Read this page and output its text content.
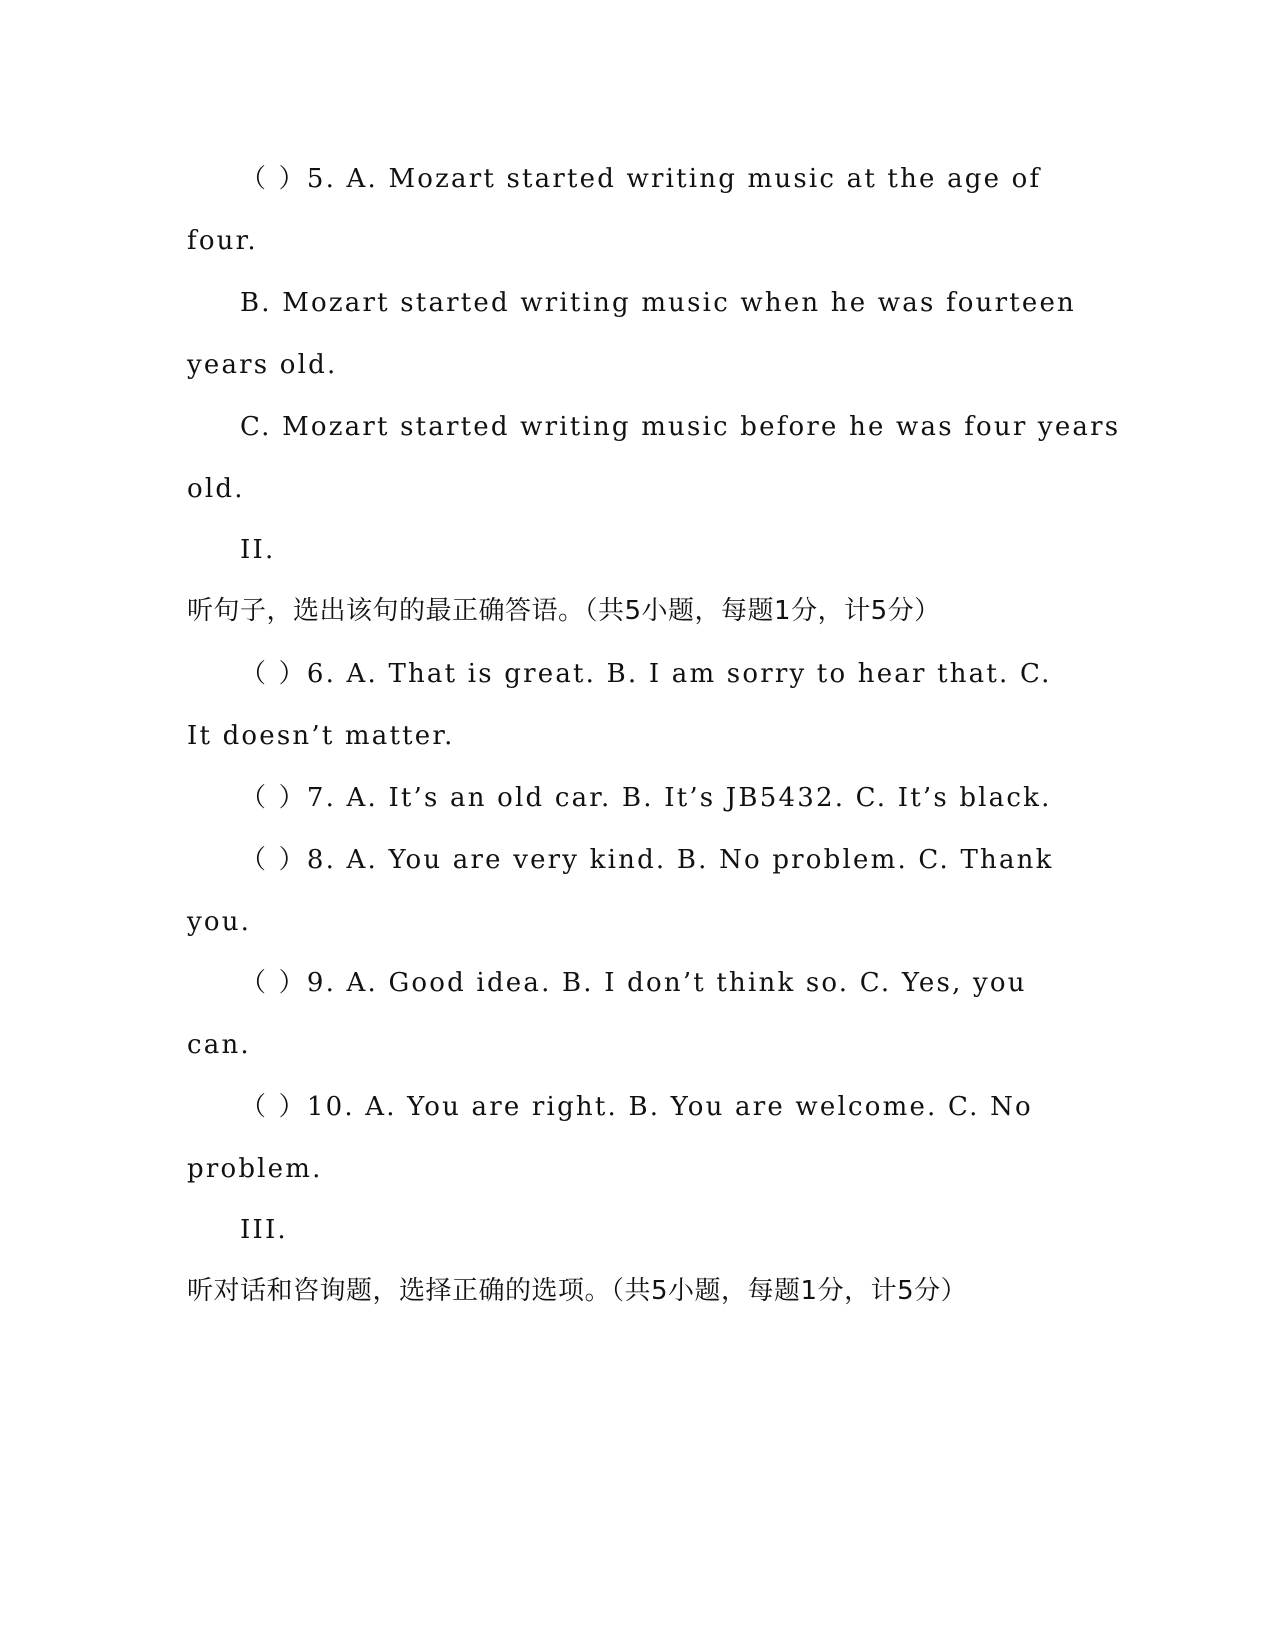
（ ）5. A. Mozart started writing music at the age of
four.
B. Mozart started writing music when he was fourteen
years old.
C. Mozart started writing music before he was four years
old.
II.
听句子，选出该句的最正确答语。（共5小题，每题1分，计5分）
（ ）6. A. That is great. B. I am sorry to hear that. C.
It doesn’t matter.
（ ）7. A. It’s an old car. B. It’s JB5432. C. It’s black.
（ ）8. A. You are very kind. B. No problem. C. Thank
you.
（ ）9. A. Good idea. B. I don’t think so. C. Yes, you
can.
（ ）10. A. You are right. B. You are welcome. C. No
problem.
III.
听对话和咨询题，选择正确的选项。（共5小题，每题1分，计5分）
